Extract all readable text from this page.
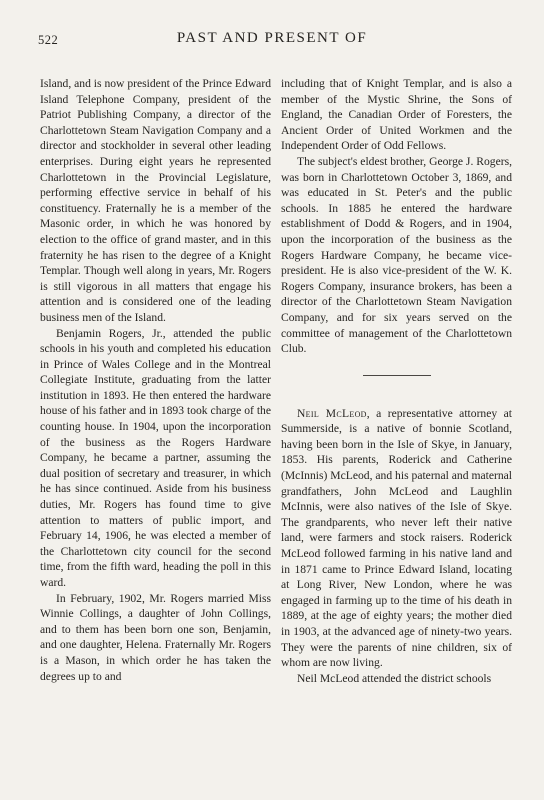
522	PAST AND PRESENT OF

Island, and is now president of the Prince Edward Island Telephone Company, president of the Patriot Publishing Company, a director of the Charlottetown Steam Navigation Company and a director and stockholder in several other leading enterprises. During eight years he represented Charlottetown in the Provincial Legislature, performing effective service in behalf of his constituency. Fraternally he is a member of the Masonic order, in which he was honored by election to the office of grand master, and in this fraternity he has risen to the degree of a Knight Templar. Though well along in years, Mr. Rogers is still vigorous in all matters that engage his attention and is considered one of the leading business men of the Island.

Benjamin Rogers, Jr., attended the public schools in his youth and completed his education in Prince of Wales College and in the Montreal Collegiate Institute, graduating from the latter institution in 1893. He then entered the hardware house of his father and in 1893 took charge of the counting house. In 1904, upon the incorporation of the business as the Rogers Hardware Company, he became a partner, assuming the dual position of secretary and treasurer, in which he has since continued. Aside from his business duties, Mr. Rogers has found time to give attention to matters of public import, and February 14, 1906, he was elected a member of the Charlottetown city council for the second time, from the fifth ward, heading the poll in this ward.

In February, 1902, Mr. Rogers married Miss Winnie Collings, a daughter of John Collings, and to them has been born one son, Benjamin, and one daughter, Helena. Fraternally Mr. Rogers is a Mason, in which order he has taken the degrees up to and

including that of Knight Templar, and is also a member of the Mystic Shrine, the Sons of England, the Canadian Order of Foresters, the Ancient Order of United Workmen and the Independent Order of Odd Fellows.

The subject's eldest brother, George J. Rogers, was born in Charlottetown October 3, 1869, and was educated in St. Peter's and the public schools. In 1885 he entered the hardware establishment of Dodd & Rogers, and in 1904, upon the incorporation of the business as the Rogers Hardware Company, he became vice-president. He is also vice-president of the W. K. Rogers Company, insurance brokers, has been a director of the Charlottetown Steam Navigation Company, and for six years served on the committee of management of the Charlottetown Club.

Neil McLeod, a representative attorney at Summerside, is a native of bonnie Scotland, having been born in the Isle of Skye, in January, 1853. His parents, Roderick and Catherine (McInnis) McLeod, and his paternal and maternal grandfathers, John McLeod and Laughlin McInnis, were also natives of the Isle of Skye. The grandparents, who never left their native land, were farmers and stock raisers. Roderick McLeod followed farming in his native land and in 1871 came to Prince Edward Island, locating at Long River, New London, where he was engaged in farming up to the time of his death in 1889, at the age of eighty years; the mother died in 1903, at the advanced age of ninety-two years. They were the parents of nine children, six of whom are now living.

Neil McLeod attended the district schools
